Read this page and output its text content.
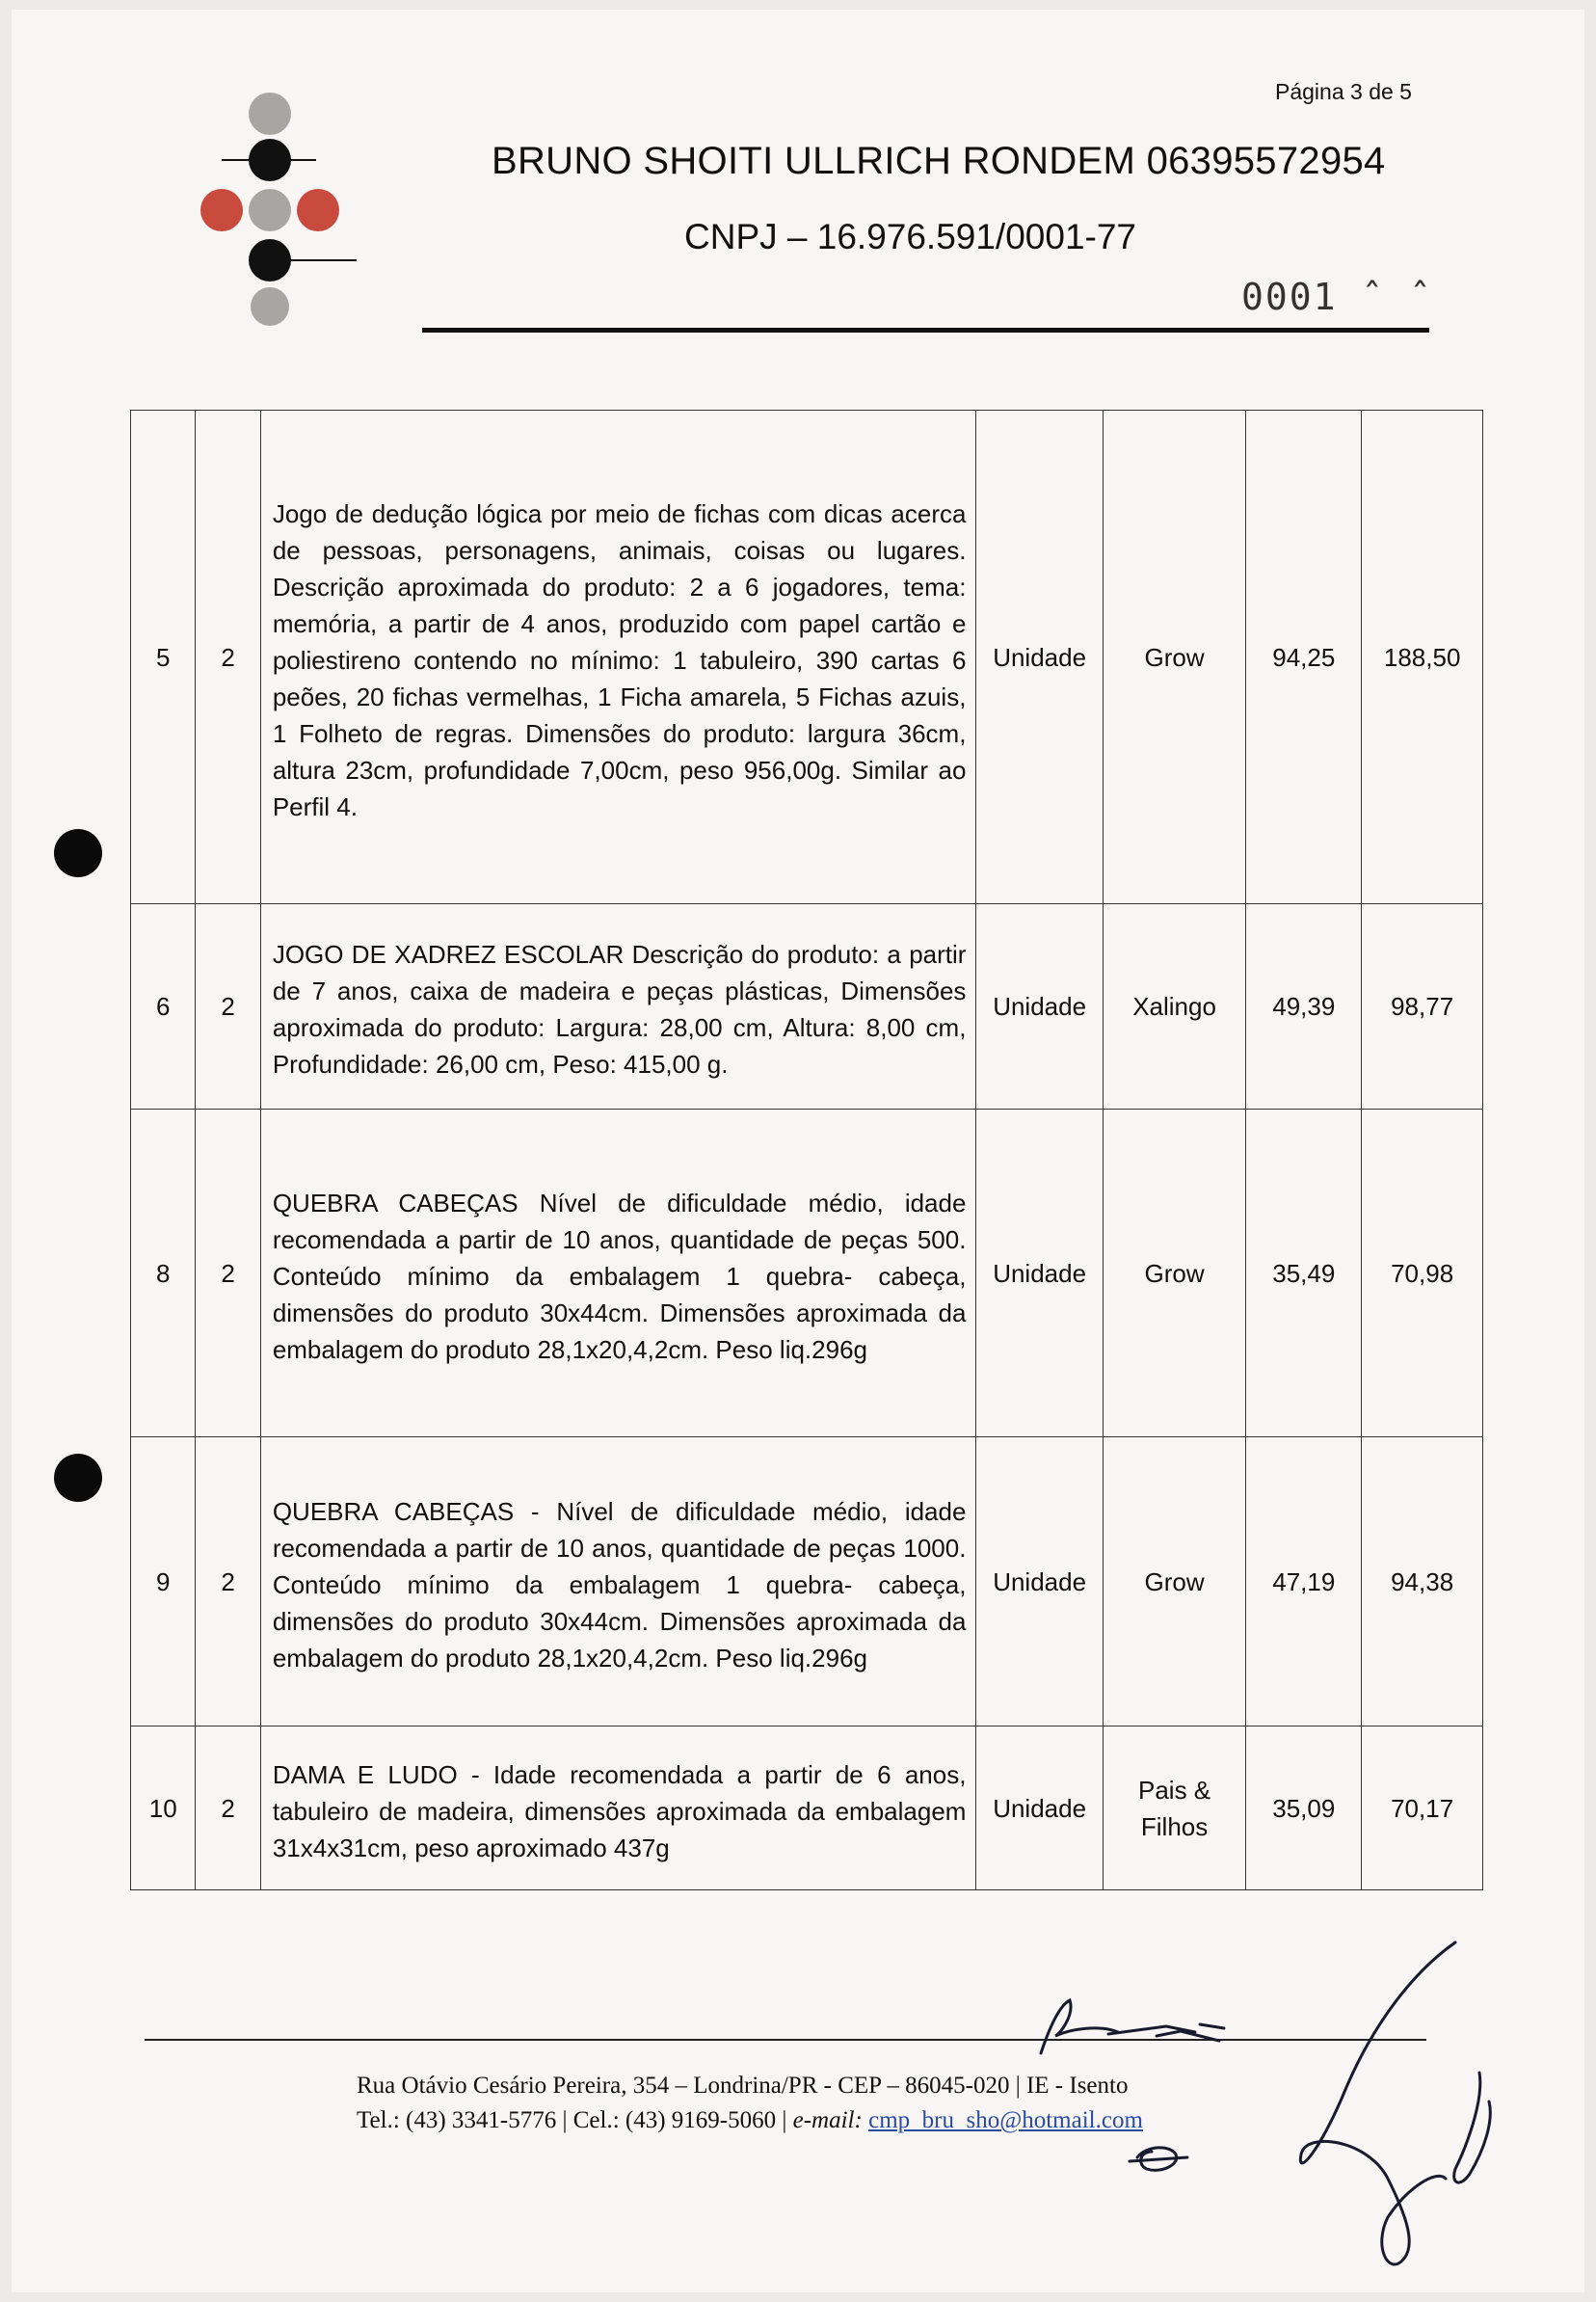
Página 3 de 5
BRUNO SHOITI ULLRICH RONDEM 06395572954
CNPJ – 16.976.591/0001-77
0001 ˆ ˆ
5	2	Jogo de dedução lógica por meio de fichas com dicas acerca de pessoas, personagens, animais, coisas ou lugares. Descrição aproximada do produto: 2 a 6 jogadores, tema: memória, a partir de 4 anos, produzido com papel cartão e poliestireno contendo no mínimo: 1 tabuleiro, 390 cartas 6 peões, 20 fichas vermelhas, 1 Ficha amarela, 5 Fichas azuis, 1 Folheto de regras. Dimensões do produto: largura 36cm, altura 23cm, profundidade 7,00cm, peso 956,00g. Similar ao Perfil 4.	Unidade	Grow	94,25	188,50
6	2	JOGO DE XADREZ ESCOLAR Descrição do produto: a partir de 7 anos, caixa de madeira e peças plásticas, Dimensões aproximada do produto: Largura: 28,00 cm, Altura: 8,00 cm, Profundidade: 26,00 cm, Peso: 415,00 g.	Unidade	Xalingo	49,39	98,77
8	2	QUEBRA CABEÇAS Nível de dificuldade médio, idade recomendada a partir de 10 anos, quantidade de peças 500. Conteúdo mínimo da embalagem 1 quebra- cabeça, dimensões do produto 30x44cm. Dimensões aproximada da embalagem do produto 28,1x20,4,2cm. Peso liq.296g	Unidade	Grow	35,49	70,98
9	2	QUEBRA CABEÇAS - Nível de dificuldade médio, idade recomendada a partir de 10 anos, quantidade de peças 1000. Conteúdo mínimo da embalagem 1 quebra- cabeça, dimensões do produto 30x44cm. Dimensões aproximada da embalagem do produto 28,1x20,4,2cm. Peso liq.296g	Unidade	Grow	47,19	94,38
10	2	DAMA E LUDO - Idade recomendada a partir de 6 anos, tabuleiro de madeira, dimensões aproximada da embalagem 31x4x31cm, peso aproximado 437g	Unidade	Pais & Filhos	35,09	70,17
Rua Otávio Cesário Pereira, 354 – Londrina/PR - CEP – 86045-020 | IE - Isento
Tel.: (43) 3341-5776 | Cel.: (43) 9169-5060 | e-mail: cmp_bru_sho@hotmail.com
